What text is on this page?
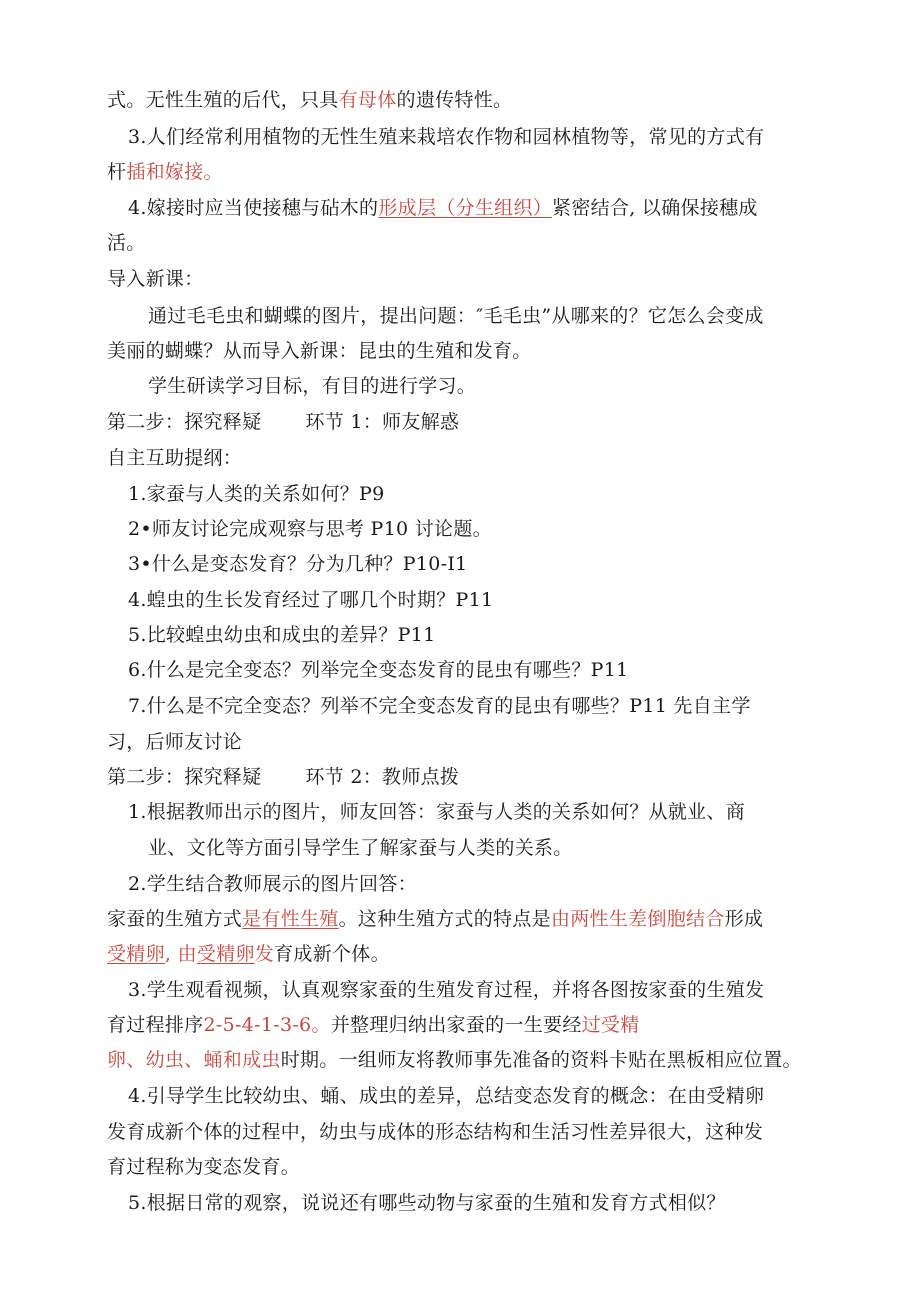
式。无性生殖的后代，只具有母体的遗传特性。
3.人们经常利用植物的无性生殖来栽培农作物和园林植物等，常见的方式有
杆插和嫁接。
4.嫁接时应当使接穗与砧木的形成层（分生组织）紧密结合, 以确保接穗成
活。
导入新课：
通过毛毛虫和蝴蝶的图片，提出问题：″毛毛虫”从哪来的？它怎么会变成
美丽的蝴蝶？从而导入新课：昆虫的生殖和发育。
学生研读学习目标，有目的进行学习。
第二步：探究释疑 环节 1：师友解惑
自主互助提纲：
1.家蚕与人类的关系如何？P9
2•师友讨论完成观察与思考 P10 讨论题。
3•什么是变态发育？分为几种？P10-I1
4.蝗虫的生长发育经过了哪几个时期？P11
5.比较蝗虫幼虫和成虫的差异？P11
6.什么是完全变态？列举完全变态发育的昆虫有哪些？P11
7.什么是不完全变态？列举不完全变态发育的昆虫有哪些？P11 先自主学
习，后师友讨论
第二步：探究释疑 环节 2：教师点拨
1.根据教师出示的图片，师友回答：家蚕与人类的关系如何？从就业、商
业、文化等方面引导学生了解家蚕与人类的关系。
2.学生结合教师展示的图片回答：
家蚕的生殖方式是有性生殖。这种生殖方式的特点是由两性生差倒胞结合形成
受精卵, 由受精卵发育成新个体。
3.学生观看视频，认真观察家蚕的生殖发育过程，并将各图按家蚕的生殖发
育过程排序2-5-4-1-3-6。并整理归纳出家蚕的一生要经过受精
卵、幼虫、蛹和成虫时期。一组师友将教师事先准备的资料卡贴在黑板相应位置。
4.引导学生比较幼虫、蛹、成虫的差异，总结变态发育的概念：在由受精卵
发育成新个体的过程中，幼虫与成体的形态结构和生活习性差异很大，这种发
育过程称为变态发育。
5.根据日常的观察，说说还有哪些动物与家蚕的生殖和发育方式相似？
